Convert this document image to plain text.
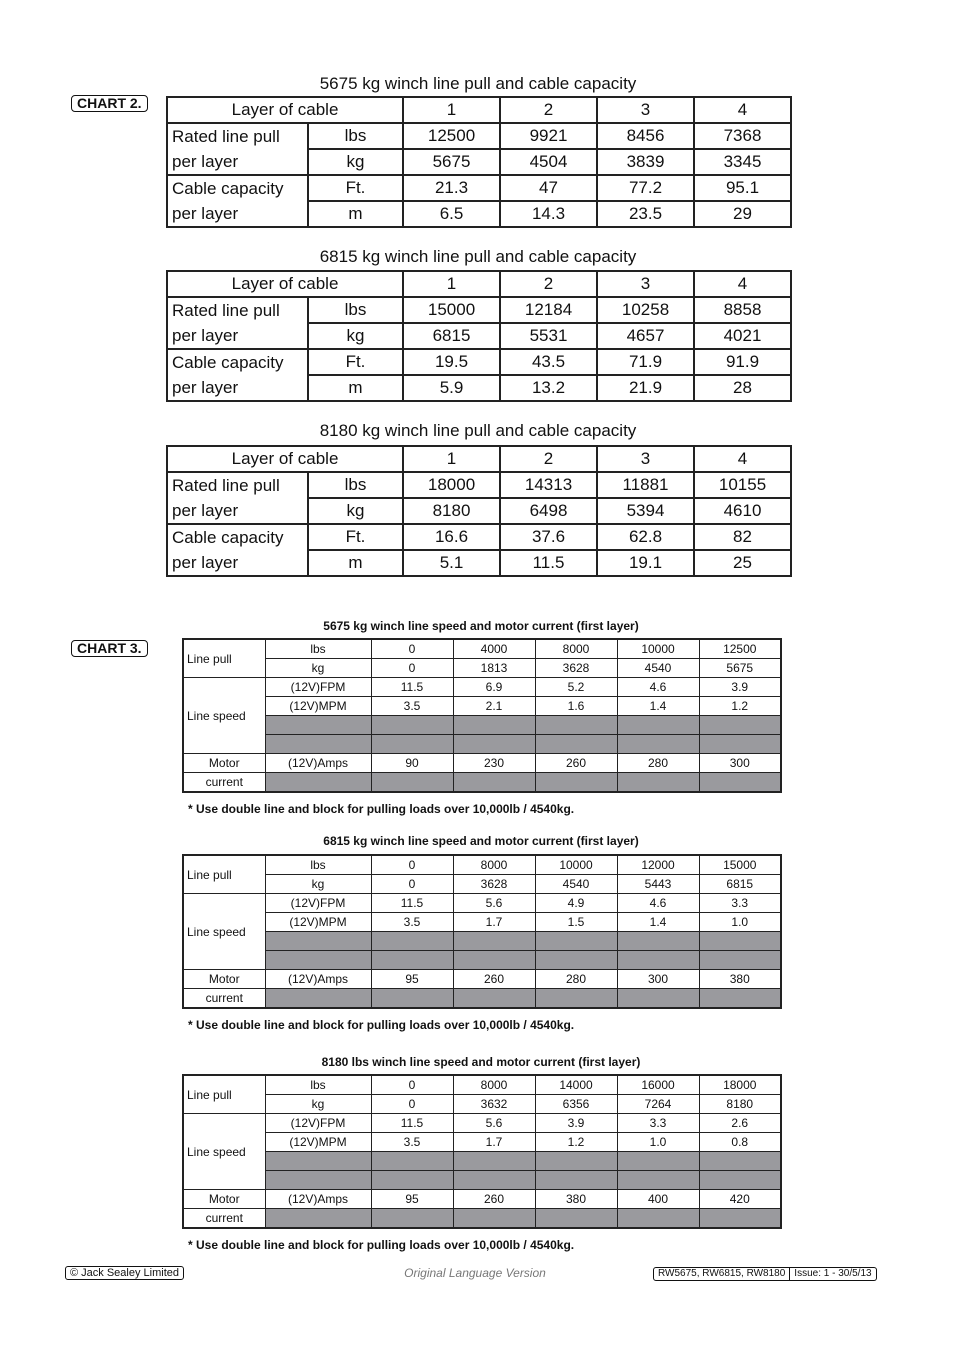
CHART 2.
CHART 3.
5675 kg winch line pull and cable capacity
Layer of cable		1	2	3	4
Rated line pull	lbs	12500	9921	8456	7368
per layer	kg	5675	4504	3839	3345
Cable capacity	Ft.	21.3	47	77.2	95.1
per layer	m	6.5	14.3	23.5	29
6815 kg winch line pull and cable capacity
Layer of cable		1	2	3	4
Rated line pull	lbs	15000	12184	10258	8858
per layer	kg	6815	5531	4657	4021
Cable capacity	Ft.	19.5	43.5	71.9	91.9
per layer	m	5.9	13.2	21.9	28
8180 kg winch line pull and cable capacity
Layer of cable		1	2	3	4
Rated line pull	lbs	18000	14313	11881	10155
per layer	kg	8180	6498	5394	4610
Cable capacity	Ft.	16.6	37.6	62.8	82
per layer	m	5.1	11.5	19.1	25
5675 kg winch line speed and motor current (first layer)
Line pull	lbs	0	4000	8000	10000	12500
	kg	0	1813	3628	4540	5675
Line speed	(12V)FPM	11.5	6.9	5.2	4.6	3.9
	(12V)MPM	3.5	2.1	1.6	1.4	1.2

Motor	(12V)Amps	90	230	260	280	300
current						
* Use double line and block for pulling loads over 10,000lb / 4540kg.
6815 kg winch line speed and motor current (first layer)
Line pull	lbs	0	8000	10000	12000	15000
	kg	0	3628	4540	5443	6815
Line speed	(12V)FPM	11.5	5.6	4.9	4.6	3.3
	(12V)MPM	3.5	1.7	1.5	1.4	1.0

Motor	(12V)Amps	95	260	280	300	380
current						
* Use double line and block for pulling loads over 10,000lb / 4540kg.
8180 lbs winch line speed and motor current (first layer)
Line pull	lbs	0	8000	14000	16000	18000
	kg	0	3632	6356	7264	8180
Line speed	(12V)FPM	11.5	5.6	3.9	3.3	2.6
	(12V)MPM	3.5	1.7	1.2	1.0	0.8

Motor	(12V)Amps	95	260	380	400	420
current						
* Use double line and block for pulling loads over 10,000lb / 4540kg.
© Jack Sealey Limited	Original Language Version	RW5675, RW6815, RW8180 Issue: 1 - 30/5/13
